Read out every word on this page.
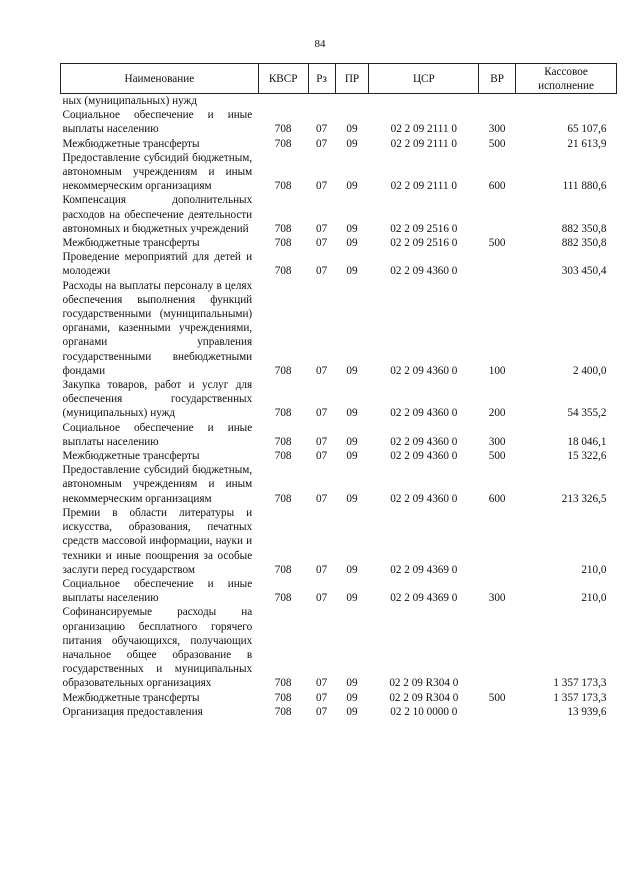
84
Наименование	КВСР	Рз	ПР	ЦСР	ВР	Кассовое исполнение
ных (муниципальных) нужд						
Социальное обеспечение и иные выплаты населению	708	07	09	02 2 09 2111 0	300	65 107,6
Межбюджетные трансферты	708	07	09	02 2 09 2111 0	500	21 613,9
Предоставление субсидий бюджетным, автономным учреждениям и иным некоммерческим организациям	708	07	09	02 2 09 2111 0	600	111 880,6
Компенсация дополнительных расходов на обеспечение деятельности автономных и бюджетных учреждений	708	07	09	02 2 09 2516 0		882 350,8
Межбюджетные трансферты	708	07	09	02 2 09 2516 0	500	882 350,8
Проведение мероприятий для детей и молодежи	708	07	09	02 2 09 4360 0		303 450,4
Расходы на выплаты персоналу в целях обеспечения выполнения функций государственными (муниципальными) органами, казенными учреждениями, органами управления государственными внебюджетными фондами	708	07	09	02 2 09 4360 0	100	2 400,0
Закупка товаров, работ и услуг для обеспечения государственных (муниципальных) нужд	708	07	09	02 2 09 4360 0	200	54 355,2
Социальное обеспечение и иные выплаты населению	708	07	09	02 2 09 4360 0	300	18 046,1
Межбюджетные трансферты	708	07	09	02 2 09 4360 0	500	15 322,6
Предоставление субсидий бюджетным, автономным учреждениям и иным некоммерческим организациям	708	07	09	02 2 09 4360 0	600	213 326,5
Премии в области литературы и искусства, образования, печатных средств массовой информации, науки и техники и иные поощрения за особые заслуги перед государством	708	07	09	02 2 09 4369 0		210,0
Социальное обеспечение и иные выплаты населению	708	07	09	02 2 09 4369 0	300	210,0
Софинансируемые расходы на организацию бесплатного горячего питания обучающихся, получающих начальное общее образование в государственных и муниципальных образовательных организациях	708	07	09	02 2 09 R304 0		1 357 173,3
Межбюджетные трансферты	708	07	09	02 2 09 R304 0	500	1 357 173,3
Организация предоставления	708	07	09	02 2 10 0000 0		13 939,6
